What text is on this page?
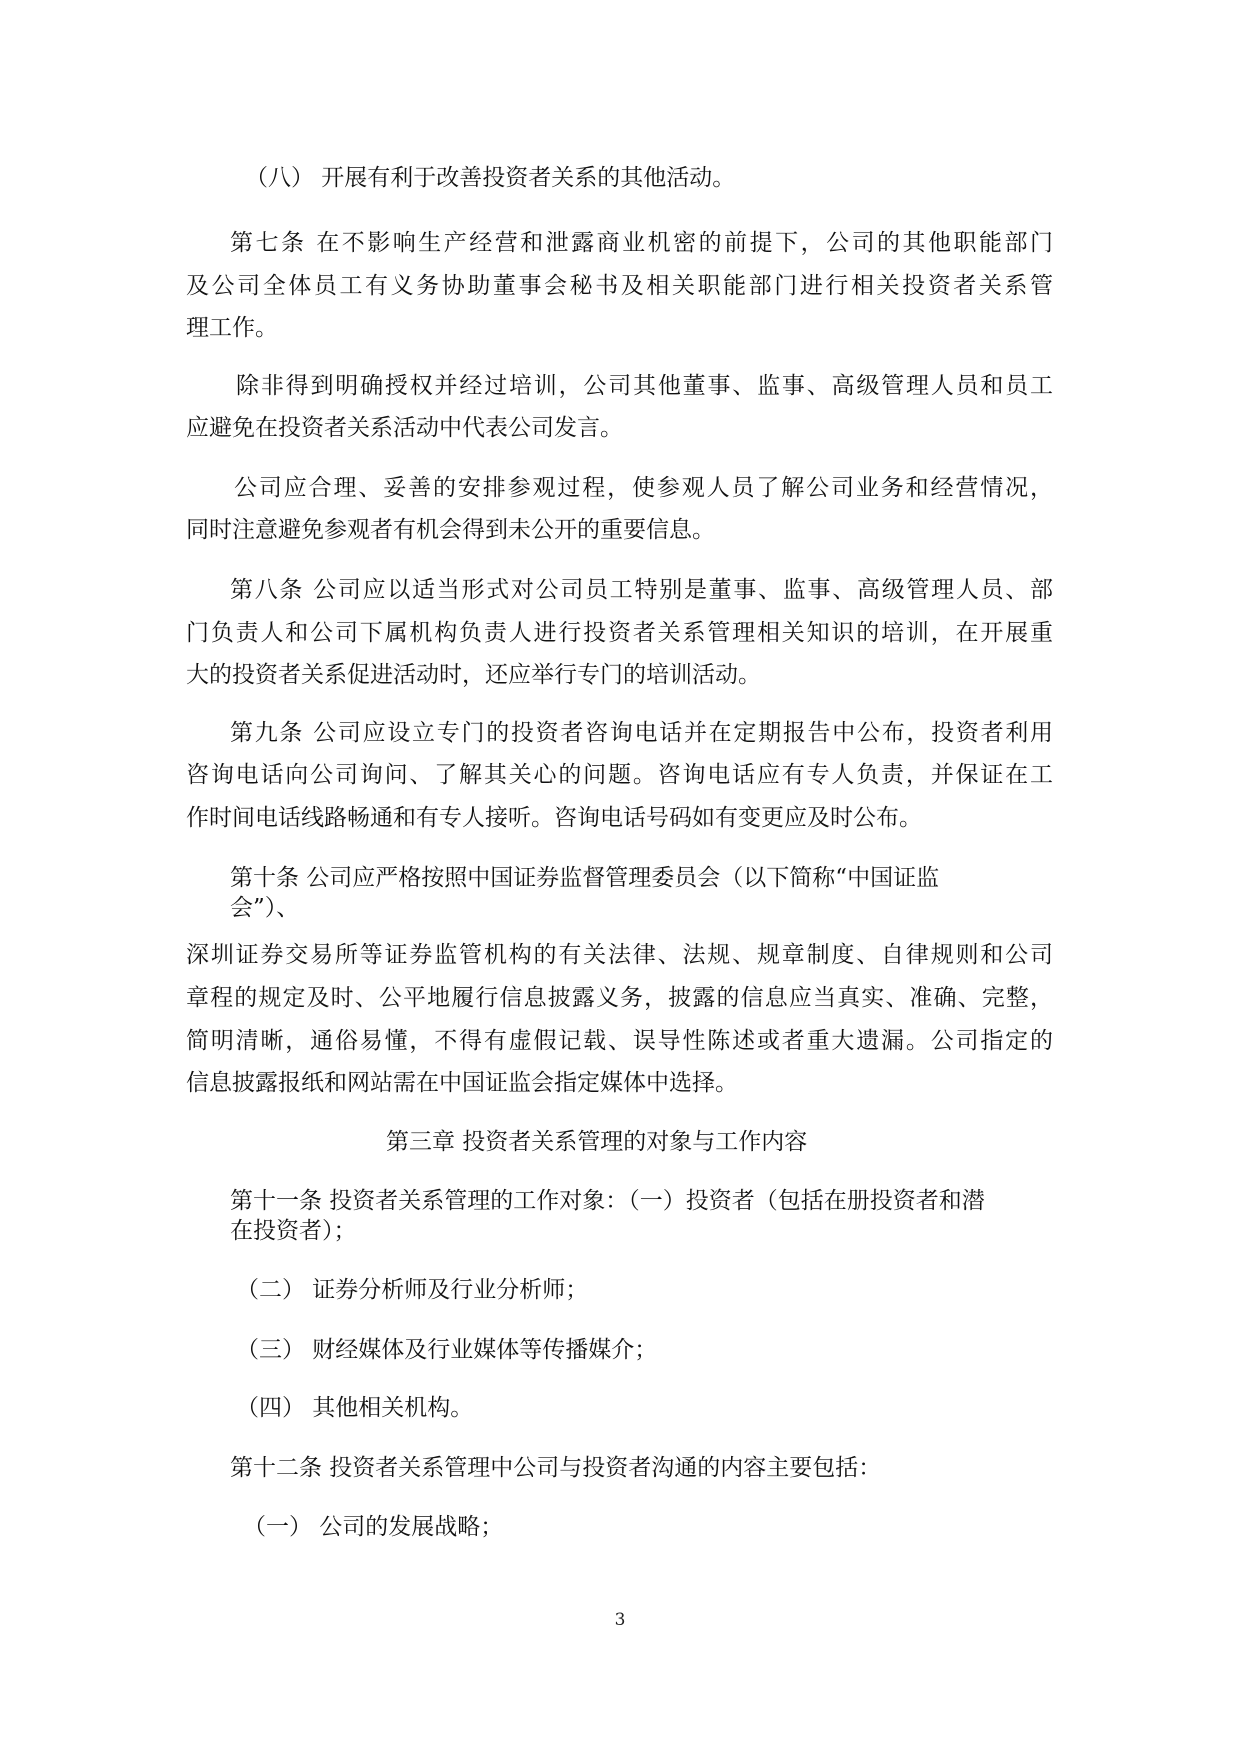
（八） 开展有利于改善投资者关系的其他活动。
第七条 在不影响生产经营和泄露商业机密的前提下，公司的其他职能部门
及公司全体员工有义务协助董事会秘书及相关职能部门进行相关投资者关系管
理工作。
除非得到明确授权并经过培训，公司其他董事、监事、高级管理人员和员工
应避免在投资者关系活动中代表公司发言。
公司应合理、妥善的安排参观过程，使参观人员了解公司业务和经营情况，
同时注意避免参观者有机会得到未公开的重要信息。
第八条 公司应以适当形式对公司员工特别是董事、监事、高级管理人员、部
门负责人和公司下属机构负责人进行投资者关系管理相关知识的培训，在开展重
大的投资者关系促进活动时，还应举行专门的培训活动。
第九条 公司应设立专门的投资者咨询电话并在定期报告中公布，投资者利用
咨询电话向公司询问、了解其关心的问题。咨询电话应有专人负责，并保证在工
作时间电话线路畅通和有专人接听。咨询电话号码如有变更应及时公布。
第十条 公司应严格按照中国证券监督管理委员会（以下简称“中国证监
会”）、
深圳证券交易所等证券监管机构的有关法律、法规、规章制度、自律规则和公司
章程的规定及时、公平地履行信息披露义务，披露的信息应当真实、准确、完整，
简明清晰，通俗易懂，不得有虚假记载、误导性陈述或者重大遗漏。公司指定的
信息披露报纸和网站需在中国证监会指定媒体中选择。
第三章 投资者关系管理的对象与工作内容
第十一条 投资者关系管理的工作对象：（一）投资者（包括在册投资者和潜
在投资者）；
（二） 证券分析师及行业分析师；
（三） 财经媒体及行业媒体等传播媒介；
（四） 其他相关机构。
第十二条 投资者关系管理中公司与投资者沟通的内容主要包括：
（一） 公司的发展战略；
3
